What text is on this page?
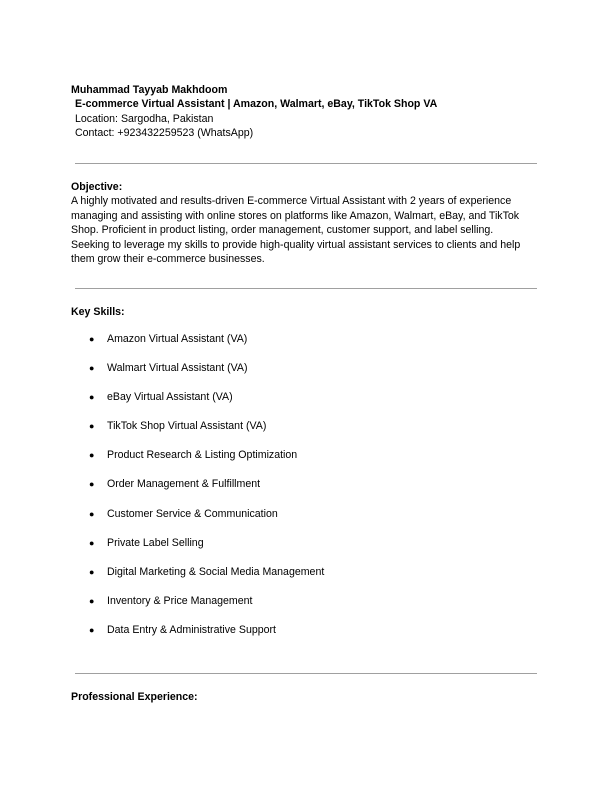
Muhammad Tayyab Makhdoom
E-commerce Virtual Assistant | Amazon, Walmart, eBay, TikTok Shop VA
Location: Sargodha, Pakistan
Contact: +923432259523 (WhatsApp)
Objective:

A highly motivated and results-driven E-commerce Virtual Assistant with 2 years of experience

managing and assisting with online stores on platforms like Amazon, Walmart, eBay, and TikTok

Shop. Proficient in product listing, order management, customer support, and label selling.

Seeking to leverage my skills to provide high-quality virtual assistant services to clients and help

them grow their e-commerce businesses.

Key Skills:
● Amazon Virtual Assistant (VA)
● Walmart Virtual Assistant (VA)
● eBay Virtual Assistant (VA)
● TikTok Shop Virtual Assistant (VA)
● Product Research & Listing Optimization
● Order Management & Fulfillment
● Customer Service & Communication
● Private Label Selling
● Digital Marketing & Social Media Management
● Inventory & Price Management
● Data Entry & Administrative Support
Professional Experience:
